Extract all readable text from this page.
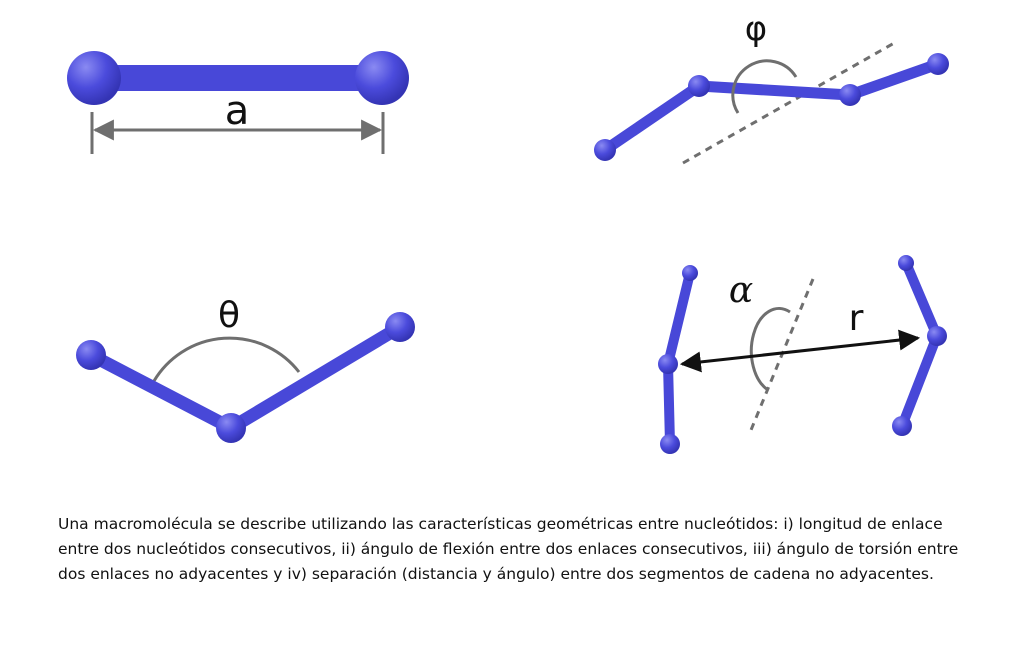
a
φ
θ
α
r

Una macromolécula se describe utilizando las características geométricas entre nucleótidos: i) longitud de enlace entre dos nucleótidos consecutivos, ii) ángulo de flexión entre dos enlaces consecutivos, iii) ángulo de torsión entre dos enlaces no adyacentes y iv) separación (distancia y ángulo) entre dos segmentos de cadena no adyacentes.
